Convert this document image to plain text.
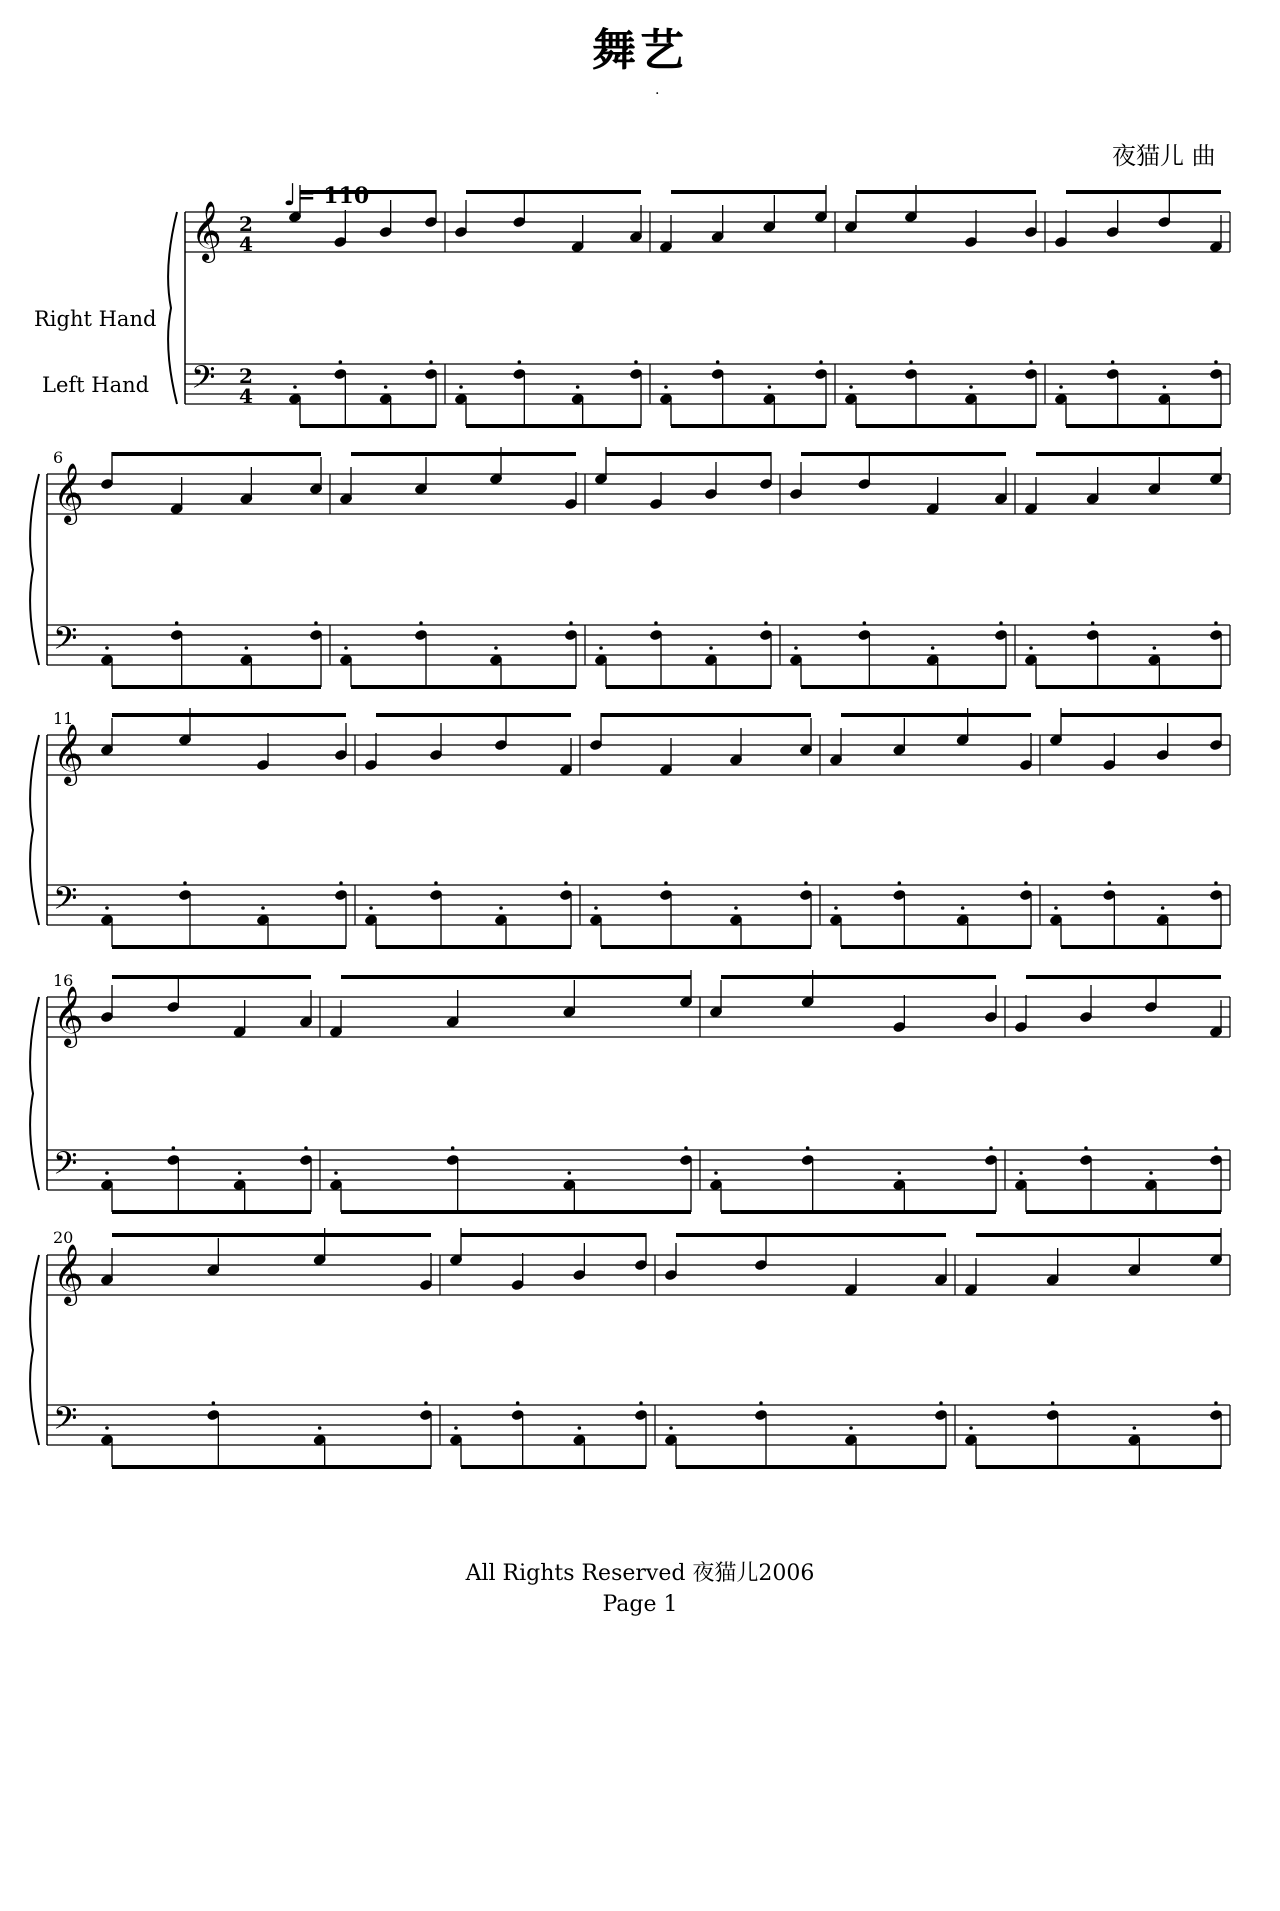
舞艺
.
夜猫儿 曲
♩= 110
Right Hand
Left Hand
6
11
16
20
𝄞
𝄢
2
4
2
4
𝄞
𝄢
𝄞
𝄢
𝄞
𝄢
𝄞
𝄢
All Rights Reserved 夜猫儿2006
Page 1
